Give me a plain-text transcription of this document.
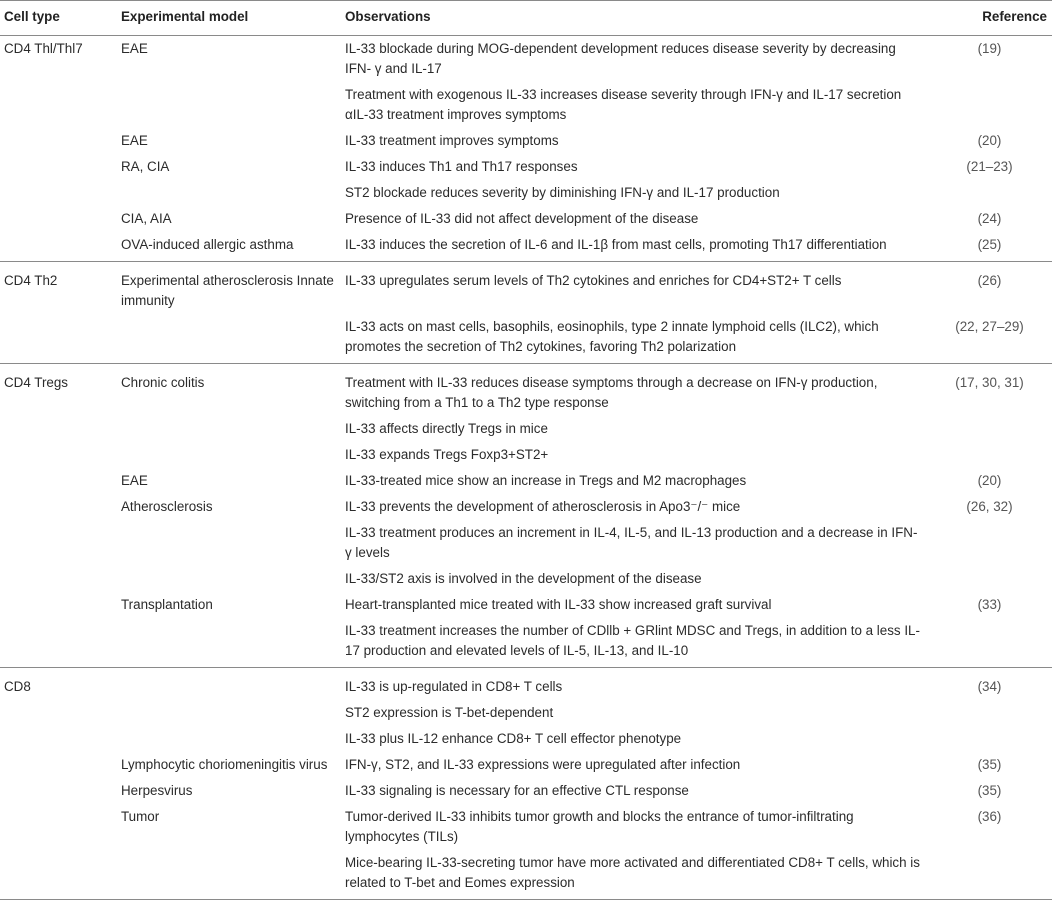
Cell type	Experimental model	Observations	Reference
CD4 Thl/Thl7	EAE	IL-33 blockade during MOG-dependent development reduces disease severity by decreasing IFN- γ and IL-17	(19)
		Treatment with exogenous IL-33 increases disease severity through IFN-γ and IL-17 secretion αIL-33 treatment improves symptoms	
	EAE	IL-33 treatment improves symptoms	(20)
	RA, CIA	IL-33 induces Th1 and Th17 responses	(21–23)
		ST2 blockade reduces severity by diminishing IFN-γ and IL-17 production	
	CIA, AIA	Presence of IL-33 did not affect development of the disease	(24)
	OVA-induced allergic asthma	IL-33 induces the secretion of IL-6 and IL-1β from mast cells, promoting Th17 differentiation	(25)
CD4 Th2	Experimental atherosclerosis Innate immunity	IL-33 upregulates serum levels of Th2 cytokines and enriches for CD4+ST2+ T cells	(26)
		IL-33 acts on mast cells, basophils, eosinophils, type 2 innate lymphoid cells (ILC2), which promotes the secretion of Th2 cytokines, favoring Th2 polarization	(22, 27–29)
CD4 Tregs	Chronic colitis	Treatment with IL-33 reduces disease symptoms through a decrease on IFN-γ production, switching from a Th1 to a Th2 type response	(17, 30, 31)
		IL-33 affects directly Tregs in mice	
		IL-33 expands Tregs Foxp3+ST2+	
	EAE	IL-33-treated mice show an increase in Tregs and M2 macrophages	(20)
	Atherosclerosis	IL-33 prevents the development of atherosclerosis in Apo3⁻/⁻ mice	(26, 32)
		IL-33 treatment produces an increment in IL-4, IL-5, and IL-13 production and a decrease in IFN-γ levels	
		IL-33/ST2 axis is involved in the development of the disease	
	Transplantation	Heart-transplanted mice treated with IL-33 show increased graft survival	(33)
		IL-33 treatment increases the number of CDllb + GRlint MDSC and Tregs, in addition to a less IL-17 production and elevated levels of IL-5, IL-13, and IL-10	
CD8		IL-33 is up-regulated in CD8+ T cells	(34)
		ST2 expression is T-bet-dependent	
		IL-33 plus IL-12 enhance CD8+ T cell effector phenotype	
	Lymphocytic choriomeningitis virus	IFN-γ, ST2, and IL-33 expressions were upregulated after infection	(35)
	Herpesvirus	IL-33 signaling is necessary for an effective CTL response	(35)
	Tumor	Tumor-derived IL-33 inhibits tumor growth and blocks the entrance of tumor-infiltrating lymphocytes (TILs)	(36)
		Mice-bearing IL-33-secreting tumor have more activated and differentiated CD8+ T cells, which is related to T-bet and Eomes expression	
